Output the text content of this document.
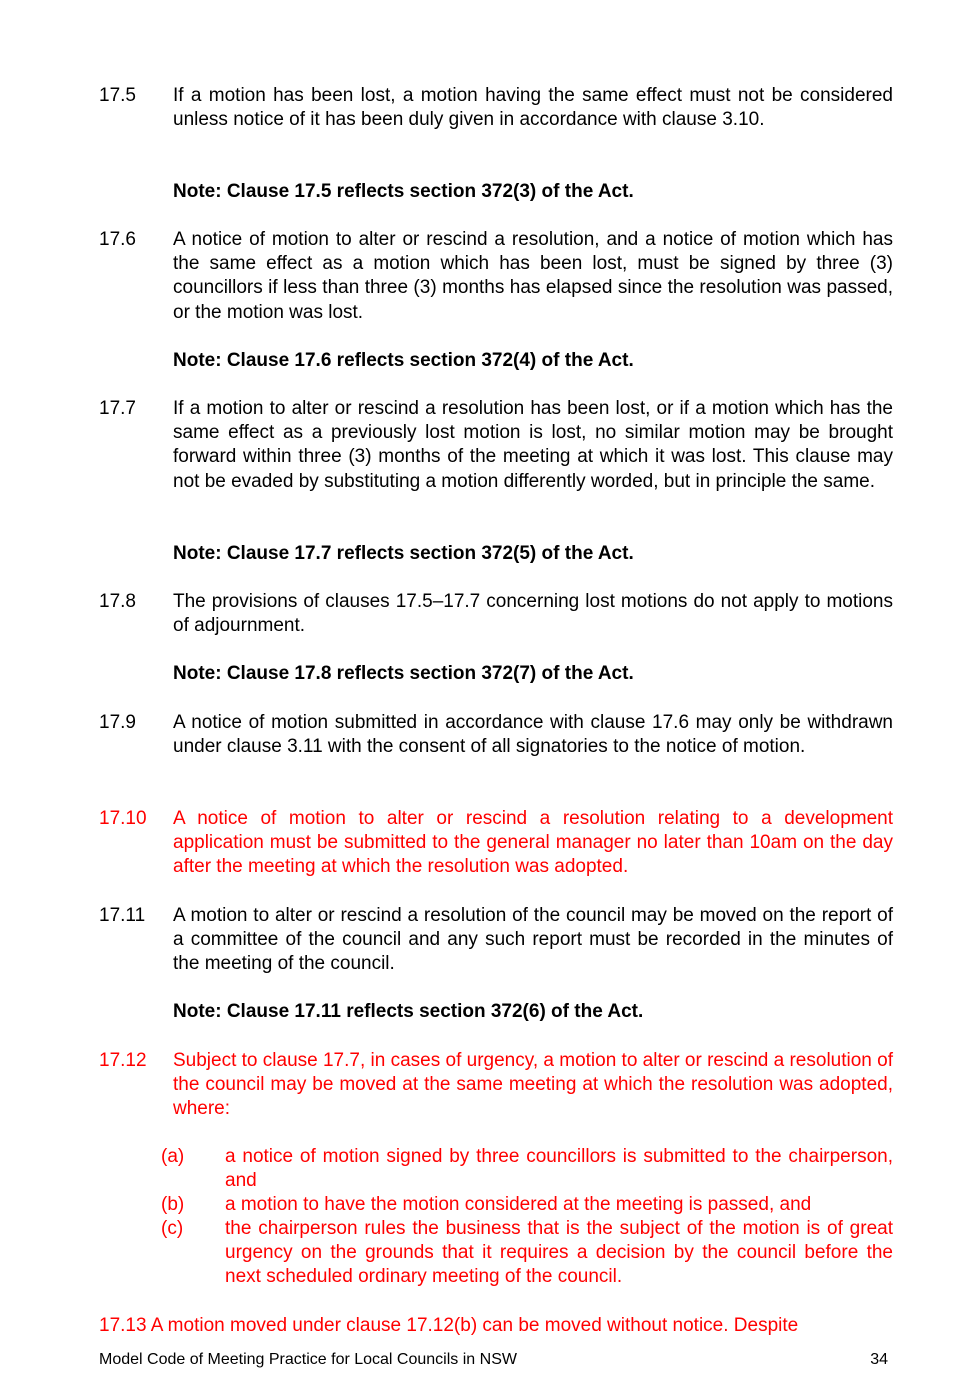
17.5 If a motion has been lost, a motion having the same effect must not be considered unless notice of it has been duly given in accordance with clause 3.10.
Note: Clause 17.5 reflects section 372(3) of the Act.
17.6 A notice of motion to alter or rescind a resolution, and a notice of motion which has the same effect as a motion which has been lost, must be signed by three (3) councillors if less than three (3) months has elapsed since the resolution was passed, or the motion was lost.
Note: Clause 17.6 reflects section 372(4) of the Act.
17.7 If a motion to alter or rescind a resolution has been lost, or if a motion which has the same effect as a previously lost motion is lost, no similar motion may be brought forward within three (3) months of the meeting at which it was lost. This clause may not be evaded by substituting a motion differently worded, but in principle the same.
Note: Clause 17.7 reflects section 372(5) of the Act.
17.8 The provisions of clauses 17.5–17.7 concerning lost motions do not apply to motions of adjournment.
Note: Clause 17.8 reflects section 372(7) of the Act.
17.9 A notice of motion submitted in accordance with clause 17.6 may only be withdrawn under clause 3.11 with the consent of all signatories to the notice of motion.
17.10 A notice of motion to alter or rescind a resolution relating to a development application must be submitted to the general manager no later than 10am on the day after the meeting at which the resolution was adopted.
17.11 A motion to alter or rescind a resolution of the council may be moved on the report of a committee of the council and any such report must be recorded in the minutes of the meeting of the council.
Note: Clause 17.11 reflects section 372(6) of the Act.
17.12 Subject to clause 17.7, in cases of urgency, a motion to alter or rescind a resolution of the council may be moved at the same meeting at which the resolution was adopted, where:
(a) a notice of motion signed by three councillors is submitted to the chairperson, and
(b) a motion to have the motion considered at the meeting is passed, and
(c) the chairperson rules the business that is the subject of the motion is of great urgency on the grounds that it requires a decision by the council before the next scheduled ordinary meeting of the council.
17.13 A motion moved under clause 17.12(b) can be moved without notice. Despite
Model Code of Meeting Practice for Local Councils in NSW	34
